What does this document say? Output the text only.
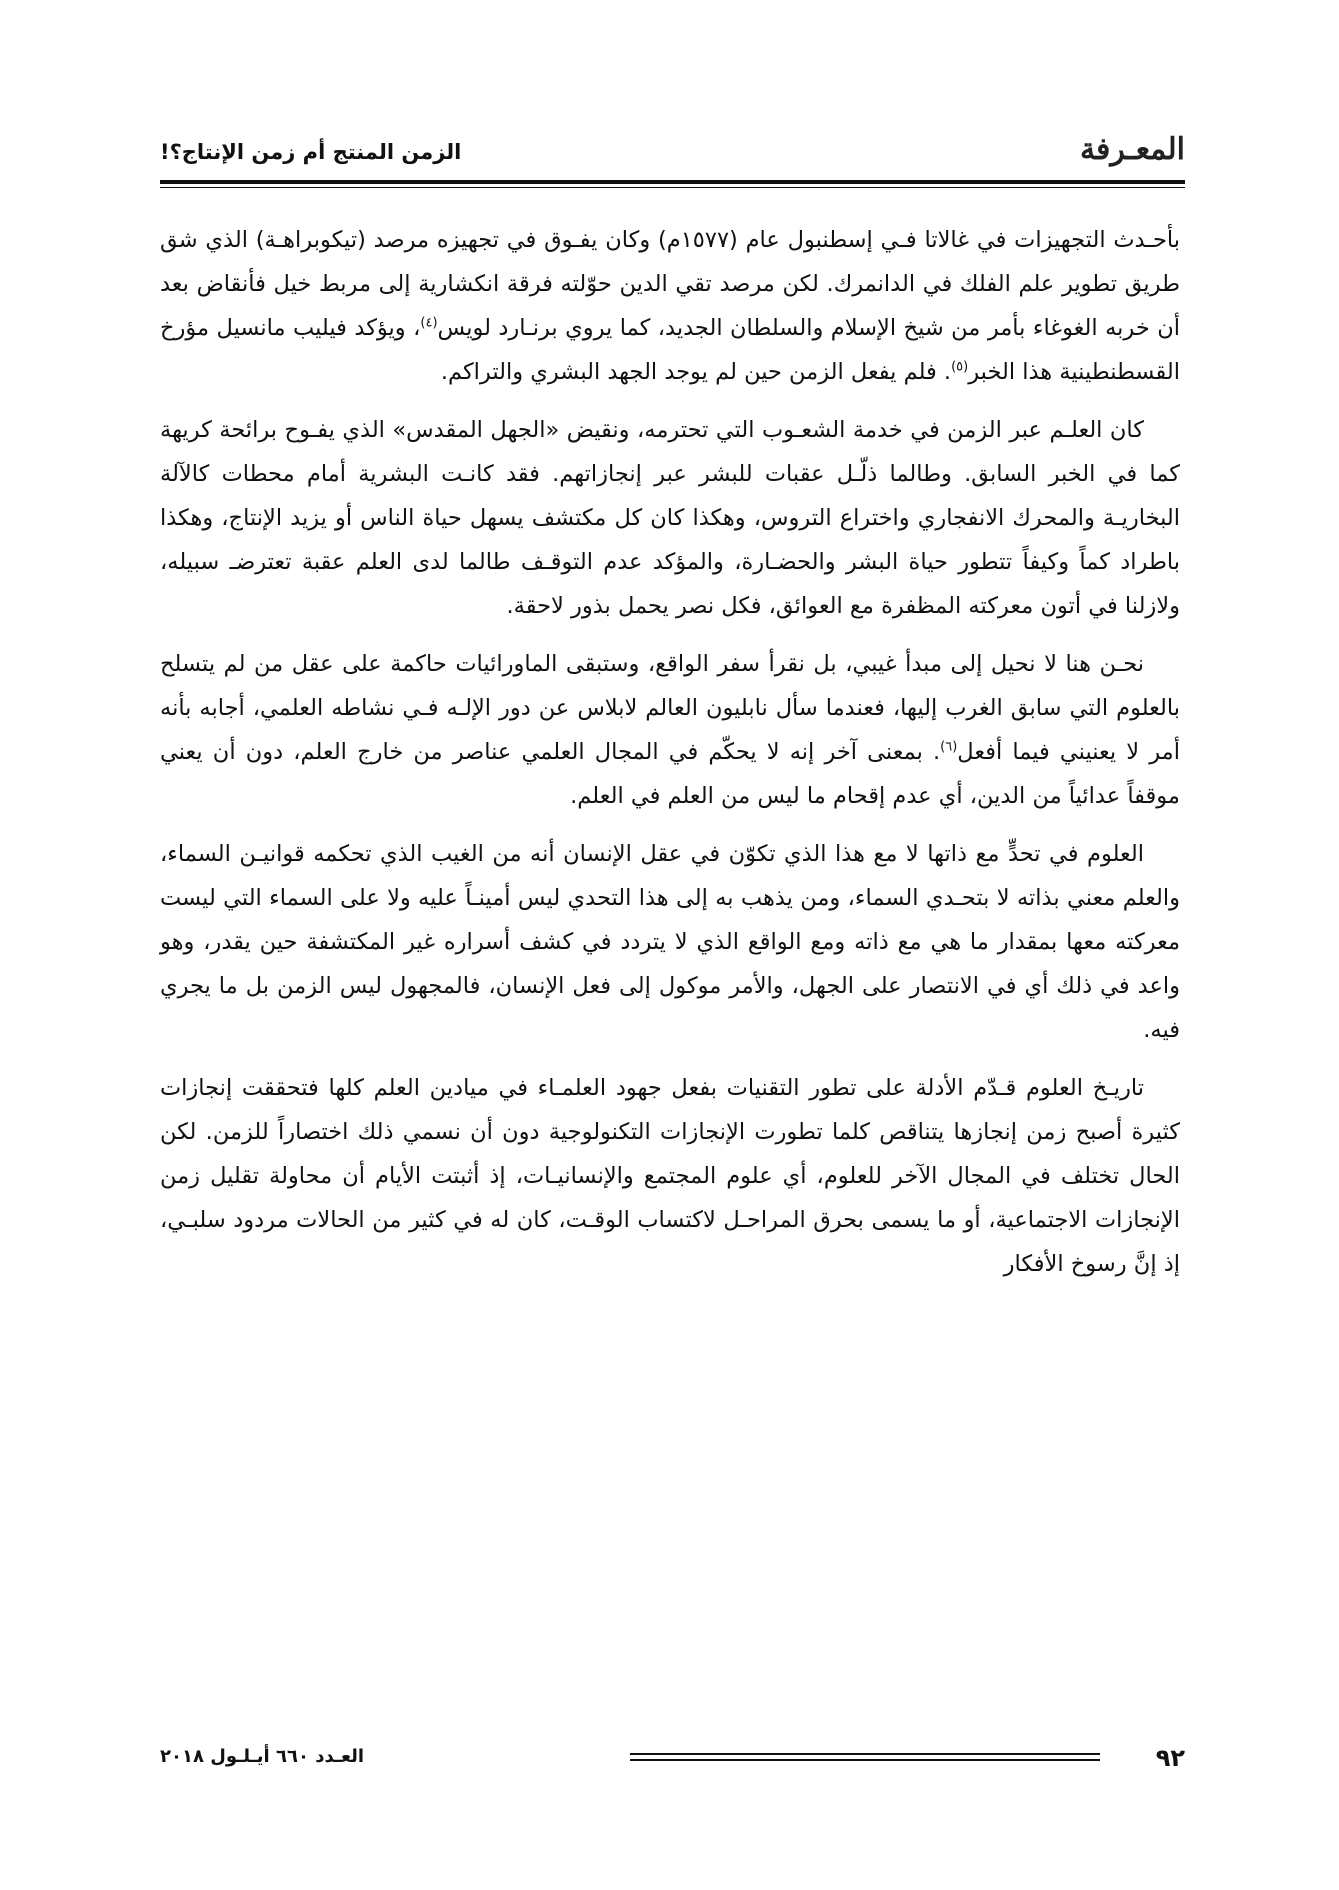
المعـرفة
الزمن المنتج أم زمن الإنتاج؟!

بأحـدث التجهيزات في غالاتا فـي إسطنبول عام (١٥٧٧م) وكان يفـوق في تجهيزه مرصد (تيكوبراهـة) الذي شق طريق تطوير علم الفلك في الدانمرك. لكن مرصد تقي الدين حوّلته فرقة انكشارية إلى مربط خيل فأنقاض بعد أن خربه الغوغاء بأمر من شيخ الإسلام والسلطان الجديد، كما يروي برنـارد لويس$^{(٤)}$، ويؤكد فيليب مانسيل مؤرخ القسطنطينية هذا الخبر$^{(٥)}$. فلم يفعل الزمن حين لم يوجد الجهد البشري والتراكم.

كان العلـم عبر الزمن في خدمة الشعـوب التي تحترمه، ونقيض «الجهل المقدس» الذي يفـوح برائحة كريهة كما في الخبر السابق. وطالما ذلّـل عقبات للبشر عبر إنجازاتهم. فقد كانـت البشرية أمام محطات كالآلة البخاريـة والمحرك الانفجاري واختراع التروس، وهكذا كان كل مكتشف يسهل حياة الناس أو يزيد الإنتاج، وهكذا باطراد كماً وكيفاً تتطور حياة البشر والحضـارة، والمؤكد عدم التوقـف طالما لدى العلم عقبة تعترضـ سبيله، ولازلنا في أتون معركته المظفرة مع العوائق، فكل نصر يحمل بذور لاحقة.

نحـن هنا لا نحيل إلى مبدأ غيبي، بل نقرأ سفر الواقع، وستبقى الماورائيات حاكمة على عقل من لم يتسلح بالعلوم التي سابق الغرب إليها، فعندما سأل نابليون العالم لابلاس عن دور الإلـه فـي نشاطه العلمي، أجابه بأنه أمر لا يعنيني فيما أفعل$^{(٦)}$. بمعنى آخر إنه لا يحكّم في المجال العلمي عناصر من خارج العلم، دون أن يعني موقفاً عدائياً من الدين، أي عدم إقحام ما ليس من العلم في العلم.

العلوم في تحدٍّ مع ذاتها لا مع هذا الذي تكوّن في عقل الإنسان أنه من الغيب الذي تحكمه قوانيـن السماء، والعلم معني بذاته لا بتحـدي السماء، ومن يذهب به إلى هذا التحدي ليس أمينـاً عليه ولا على السماء التي ليست معركته معها بمقدار ما هي مع ذاته ومع الواقع الذي لا يتردد في كشف أسراره غير المكتشفة حين يقدر، وهو واعد في ذلك أي في الانتصار على الجهل، والأمر موكول إلى فعل الإنسان، فالمجهول ليس الزمن بل ما يجري فيه.

تاريـخ العلوم قـدّم الأدلة على تطور التقنيات بفعل جهود العلمـاء في ميادين العلم كلها فتحققت إنجازات كثيرة أصبح زمن إنجازها يتناقص كلما تطورت الإنجازات التكنولوجية دون أن نسمي ذلك اختصاراً للزمن. لكن الحال تختلف في المجال الآخر للعلوم، أي علوم المجتمع والإنسانيـات، إذ أثبتت الأيام أن محاولة تقليل زمن الإنجازات الاجتماعية، أو ما يسمى بحرق المراحـل لاكتساب الوقـت، كان له في كثير من الحالات مردود سلبـي، إذ إنَّ رسوخ الأفكار

٩٢
العـدد ٦٦٠ أيـلـول ٢٠١٨
